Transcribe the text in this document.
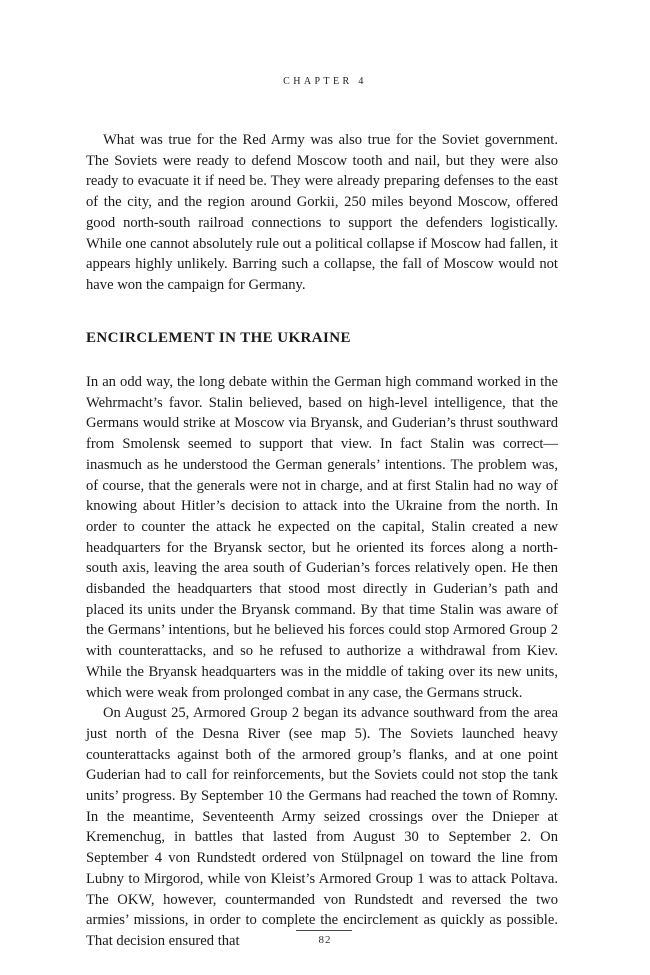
CHAPTER 4

What was true for the Red Army was also true for the Soviet government. The Soviets were ready to defend Moscow tooth and nail, but they were also ready to evacuate it if need be. They were already preparing defenses to the east of the city, and the region around Gorkii, 250 miles beyond Moscow, offered good north-south railroad connections to support the defenders logistically. While one cannot absolutely rule out a political collapse if Moscow had fallen, it appears highly unlikely. Barring such a collapse, the fall of Moscow would not have won the campaign for Germany.

ENCIRCLEMENT IN THE UKRAINE

In an odd way, the long debate within the German high command worked in the Wehrmacht’s favor. Stalin believed, based on high-level intelligence, that the Germans would strike at Moscow via Bryansk, and Guderian’s thrust southward from Smolensk seemed to support that view. In fact Stalin was correct—inasmuch as he understood the German generals’ intentions. The problem was, of course, that the generals were not in charge, and at first Stalin had no way of knowing about Hitler’s decision to attack into the Ukraine from the north. In order to counter the attack he expected on the capital, Stalin created a new headquarters for the Bryansk sector, but he oriented its forces along a north-south axis, leaving the area south of Guderian’s forces relatively open. He then disbanded the headquarters that stood most directly in Guderian’s path and placed its units under the Bryansk command. By that time Stalin was aware of the Germans’ intentions, but he believed his forces could stop Armored Group 2 with counterattacks, and so he refused to authorize a withdrawal from Kiev. While the Bryansk headquarters was in the middle of taking over its new units, which were weak from prolonged combat in any case, the Germans struck.

On August 25, Armored Group 2 began its advance southward from the area just north of the Desna River (see map 5). The Soviets launched heavy counterattacks against both of the armored group’s flanks, and at one point Guderian had to call for reinforcements, but the Soviets could not stop the tank units’ progress. By September 10 the Germans had reached the town of Romny. In the meantime, Seventeenth Army seized crossings over the Dnieper at Kremenchug, in battles that lasted from August 30 to September 2. On September 4 von Rundstedt ordered von Stülpnagel on toward the line from Lubny to Mirgorod, while von Kleist’s Armored Group 1 was to attack Poltava. The OKW, however, countermanded von Rundstedt and reversed the two armies’ missions, in order to complete the encirclement as quickly as possible. That decision ensured that	82
